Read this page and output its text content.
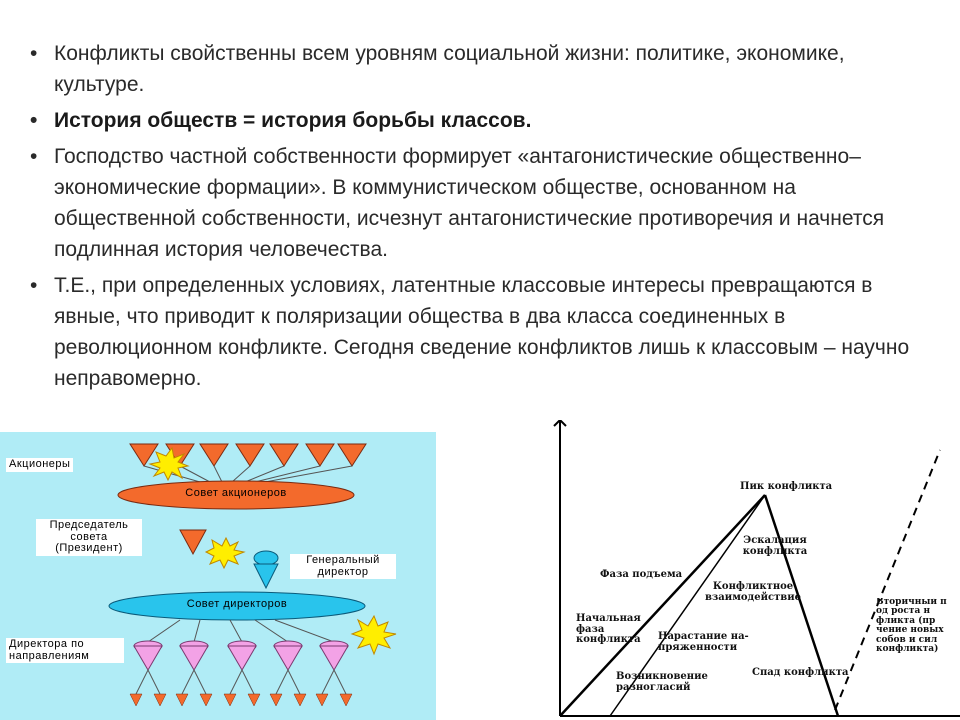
Акционеры
Совет акционеров
Председатель совета (Президент)
Генеральный директор
Совет директоров
Директора по направлениям
Пик конфликта
Эскалация конфликта
Фаза подъема
Конфликтное взаимодействие
Начальная фаза конфликта	Нарастание на-пряженности
Возникновение разногласий
Спад конфликта
Вторичный п од роста н фликта (пр чение новых собов и сил конфликта)
• Конфликты свойственны всем уровням социальной жизни: политике, экономике, культуре.
• История обществ = история борьбы классов.
• Господство частной собственности формирует «антагонистические общественно–экономические формации». В коммунистическом обществе, основанном на общественной собственности, исчезнут антагонистические противоречия и начнется подлинная история человечества.
• Т.Е., при определенных условиях, латентные классовые интересы превращаются в явные, что приводит к поляризации общества в два класса соединенных в революционном конфликте. Сегодня сведение конфликтов лишь к классовым – научно неправомерно.
